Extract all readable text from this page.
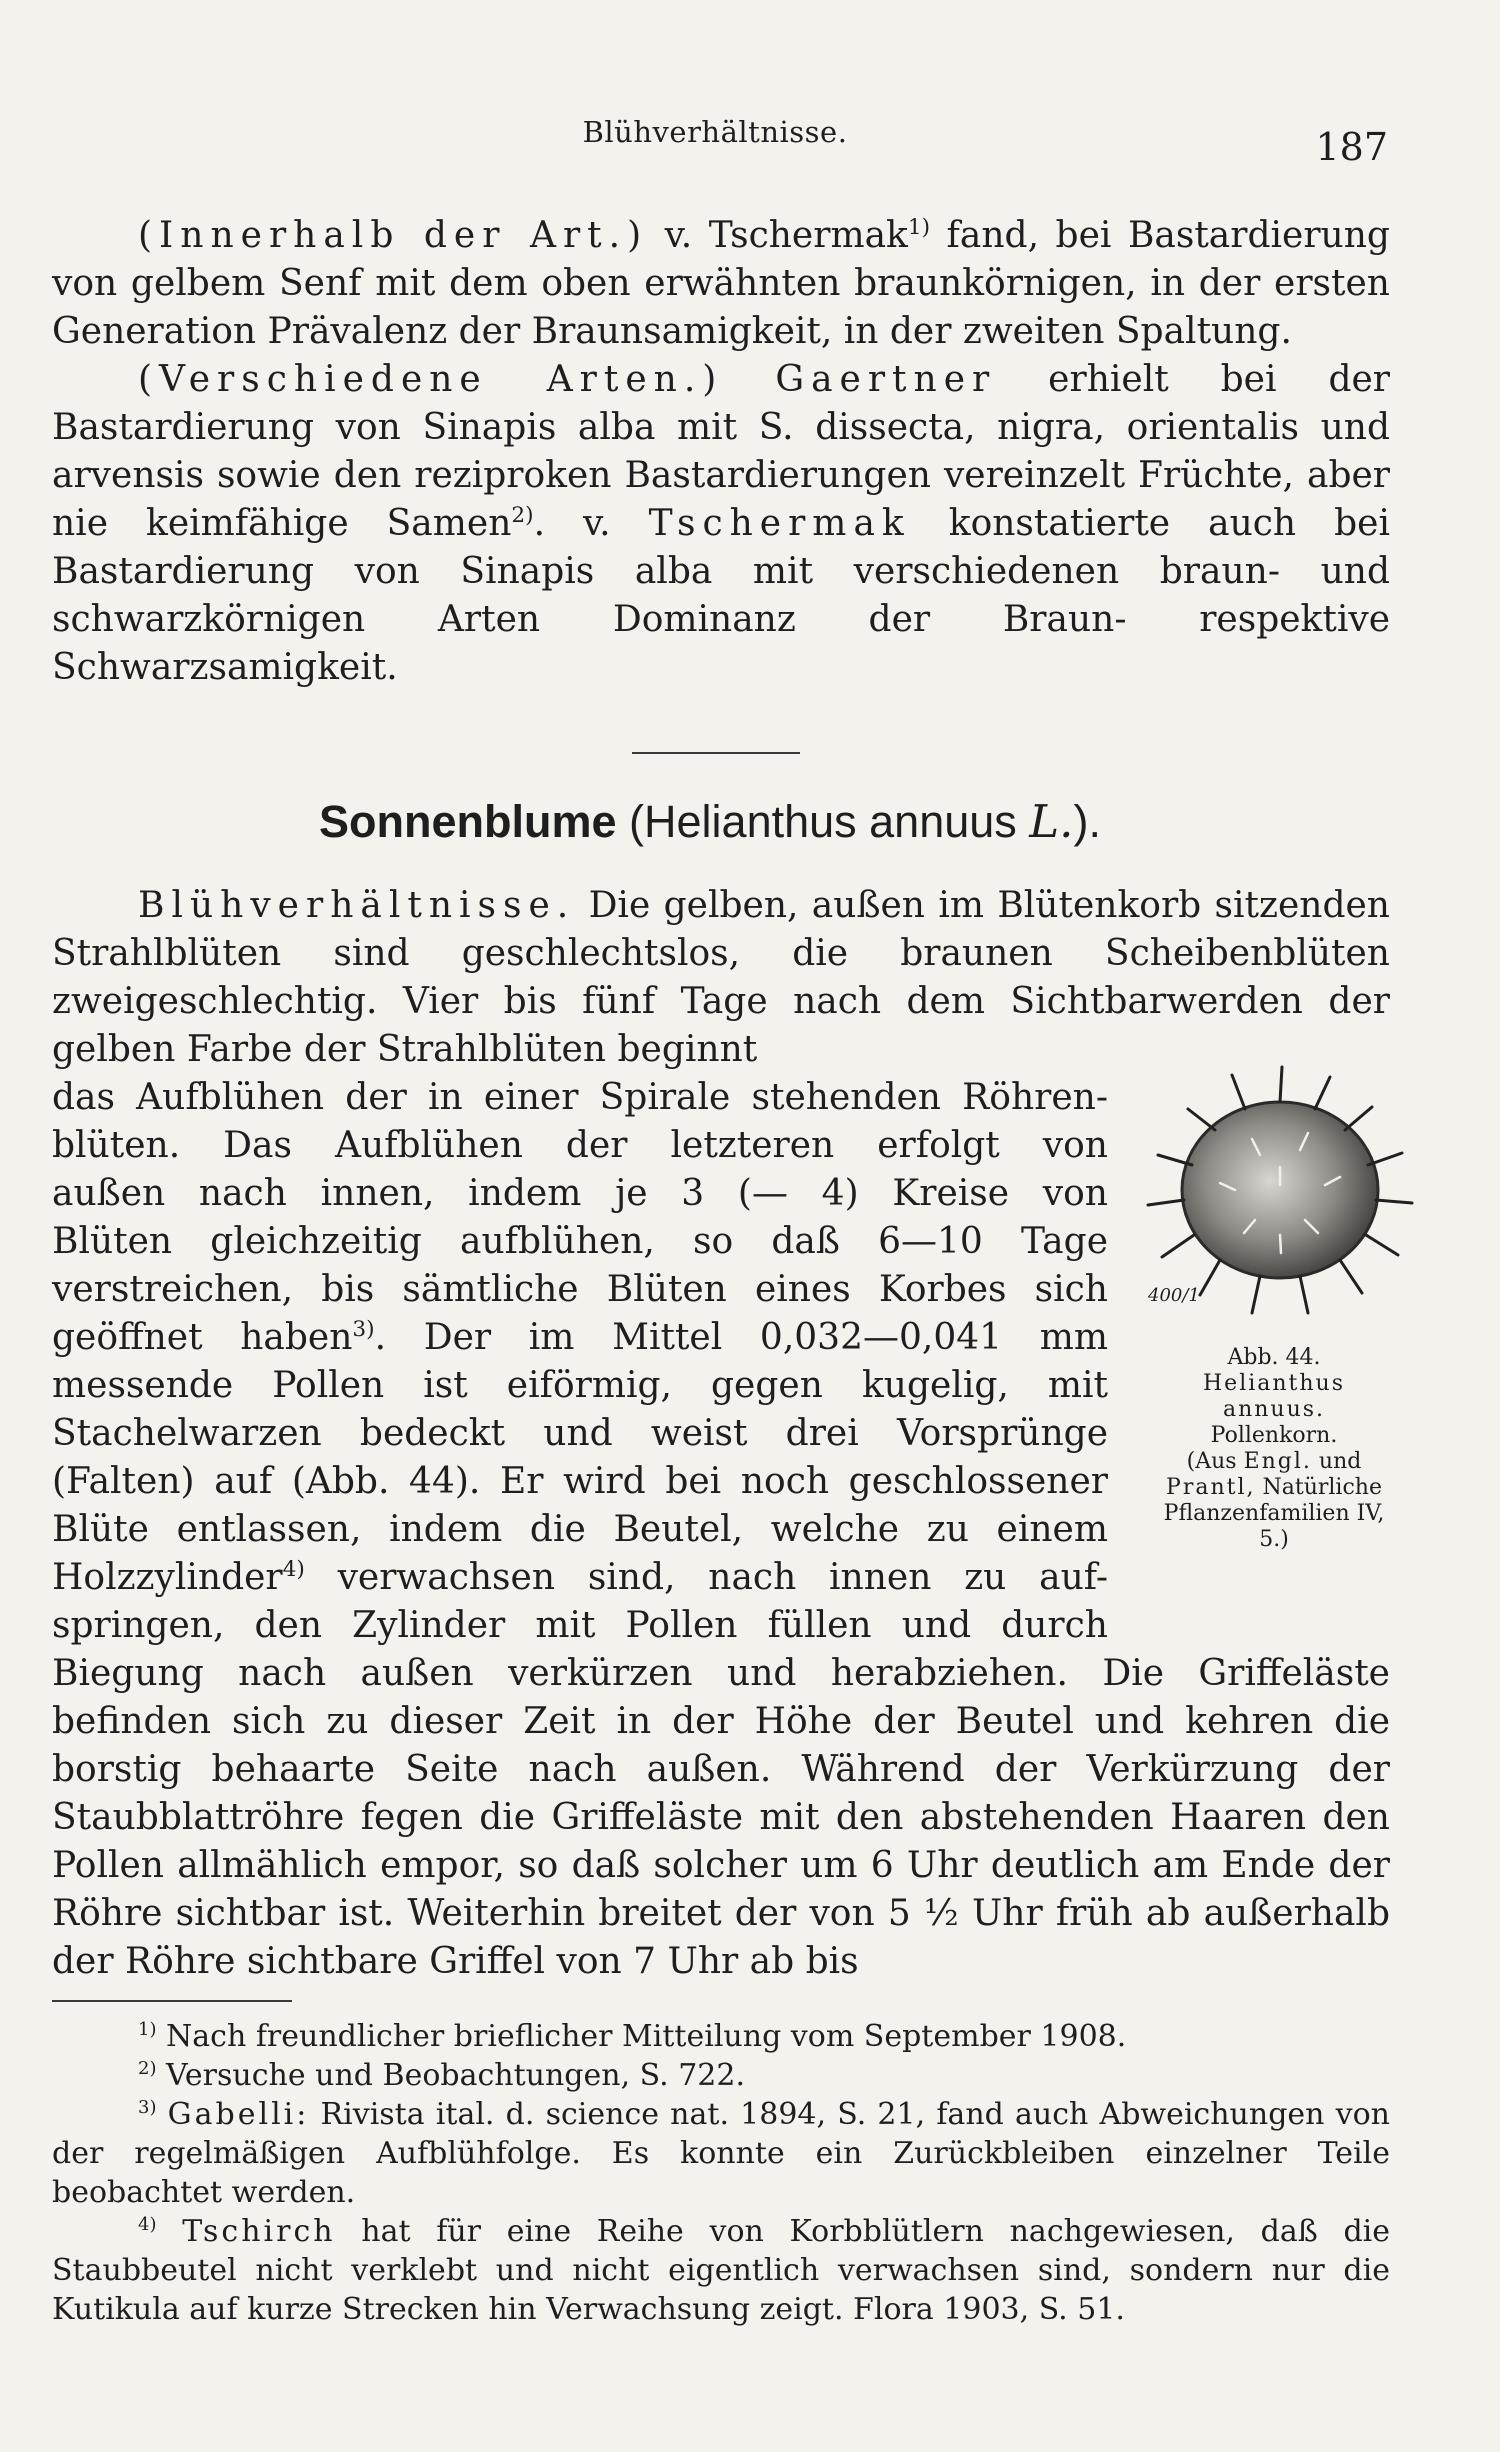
Blühverhältnisse.	187

(Innerhalb der Art.) v. Tschermak$^{1)}$ fand, bei Bastardierung von gelbem Senf mit dem oben erwähnten braunkörnigen, in der ersten Generation Prävalenz der Braunsamigkeit, in der zweiten Spaltung.

(Verschiedene Arten.) Gaertner erhielt bei der Bastardierung von Sinapis alba mit S. dissecta, nigra, orientalis und arvensis sowie den reziproken Bastardierungen vereinzelt Früchte, aber nie keimfähige Samen$^{2)}$. v. Tschermak konstatierte auch bei Bastardierung von Sinapis alba mit verschiedenen braun- und schwarzkörnigen Arten Dominanz der Braun- respektive Schwarzsamigkeit.

Sonnenblume (Helianthus annuus L.).

Blühverhältnisse. Die gelben, außen im Blütenkorb sitzenden Strahlblüten sind geschlechtslos, die braunen Scheibenblüten zweigeschlechtig. Vier bis fünf Tage nach dem Sichtbarwerden der gelben Farbe der Strahlblüten beginnt

das Aufblühen der in einer Spirale stehenden Röhren-
blüten. Das Aufblühen der letzteren erfolgt von
außen nach innen, indem je 3 (— 4) Kreise von
Blüten gleichzeitig aufblühen, so daß 6—10 Tage
verstreichen, bis sämtliche Blüten eines Korbes sich
geöffnet haben$^{3)}$. Der im Mittel 0,032—0,041 mm
messende Pollen ist eiförmig, gegen kugelig, mit
Stachelwarzen bedeckt und weist drei Vorsprünge
(Falten) auf (Abb. 44). Er wird bei noch geschlossener
Blüte entlassen, indem die Beutel, welche zu einem
Holzzylinder$^{4)}$ verwachsen sind, nach innen zu auf-
springen, den Zylinder mit Pollen füllen und durch

Biegung nach außen verkürzen und herabziehen. Die Griffeläste befinden sich zu dieser Zeit in der Höhe der Beutel und kehren die borstig behaarte Seite nach außen. Während der Verkürzung der Staubblattröhre fegen die Griffeläste mit den abstehenden Haaren den Pollen allmählich empor, so daß solcher um 6 Uhr deutlich am Ende der Röhre sichtbar ist. Weiterhin breitet der von 5 ½ Uhr früh ab außerhalb der Röhre sichtbare Griffel von 7 Uhr ab bis

400/1
Abb. 44.
Helianthus annuus.
Pollenkorn.
(Aus Engl. und Prantl, Natürliche Pflanzenfamilien IV, 5.)

$^{1)}$ Nach freundlicher brieflicher Mitteilung vom September 1908.

$^{2)}$ Versuche und Beobachtungen, S. 722.

$^{3)}$ Gabelli: Rivista ital. d. science nat. 1894, S. 21, fand auch Abweichungen von der regelmäßigen Aufblühfolge. Es konnte ein Zurückbleiben einzelner Teile beobachtet werden.

$^{4)}$ Tschirch hat für eine Reihe von Korbblütlern nachgewiesen, daß die Staubbeutel nicht verklebt und nicht eigentlich verwachsen sind, sondern nur die Kutikula auf kurze Strecken hin Verwachsung zeigt. Flora 1903, S. 51.
